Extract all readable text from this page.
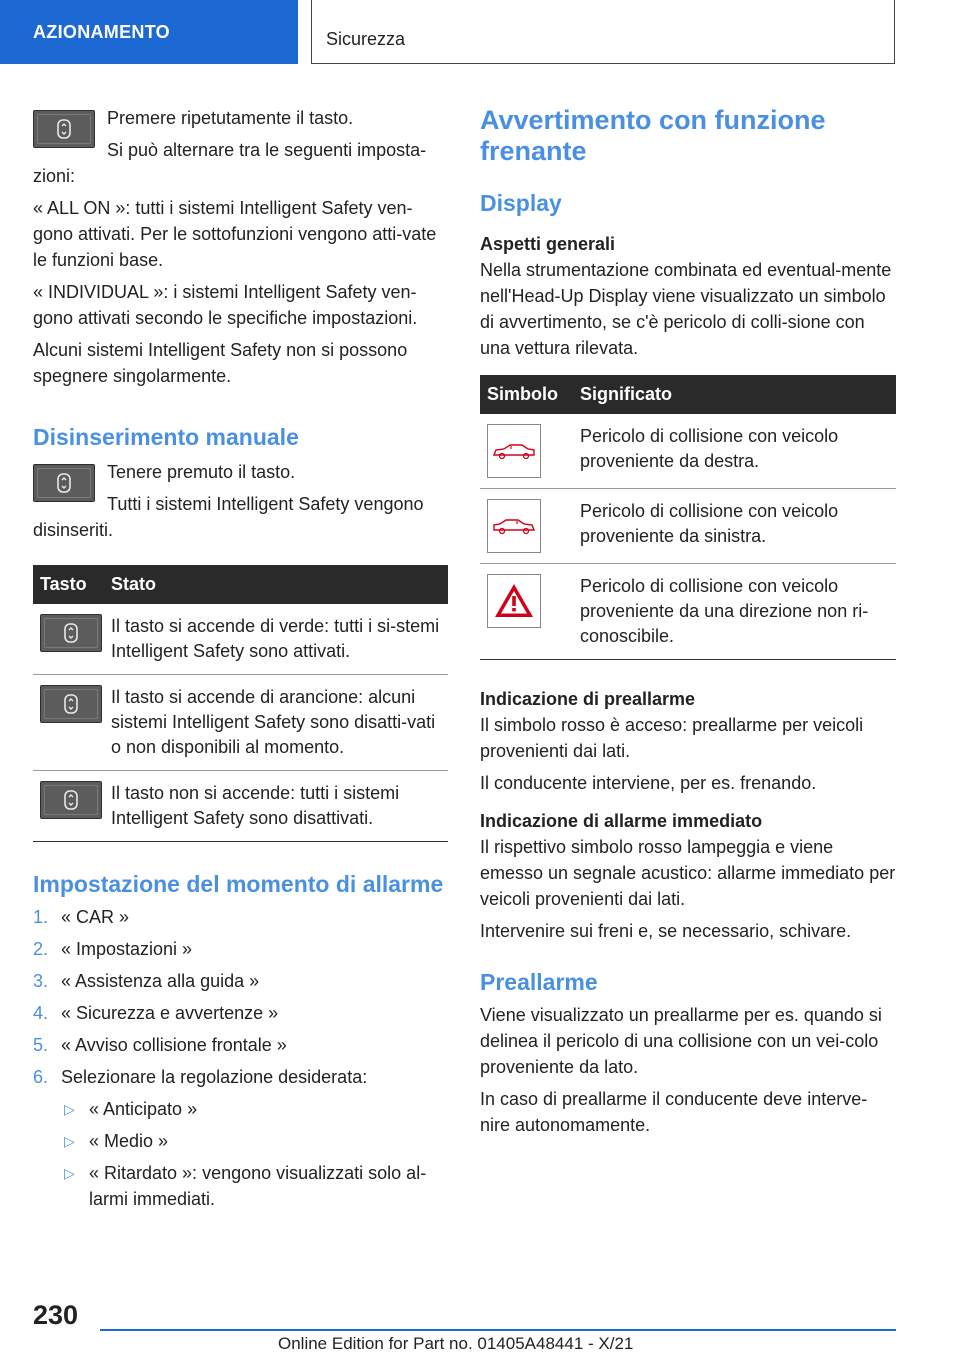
AZIONAMENTO	Sicurezza

Premere ripetutamente il tasto.

Si può alternare tra le seguenti imposta-zioni:

« ALL ON »: tutti i sistemi Intelligent Safety ven-gono attivati. Per le sottofunzioni vengono atti-vate le funzioni base.

« INDIVIDUAL »: i sistemi Intelligent Safety ven-gono attivati secondo le specifiche impostazioni.

Alcuni sistemi Intelligent Safety non si possono spegnere singolarmente.

Disinserimento manuale

Tenere premuto il tasto.

Tutti i sistemi Intelligent Safety vengono disinseriti.

Tasto	Stato

	Il tasto si accende di verde: tutti i si-stemi Intelligent Safety sono attivati.

	Il tasto si accende di arancione: alcuni sistemi Intelligent Safety sono disatti-vati o non disponibili al momento.

	Il tasto non si accende: tutti i sistemi Intelligent Safety sono disattivati.
Impostazione del momento di allarme
1. « CAR »
2. « Impostazioni »
3. « Assistenza alla guida »
4. « Sicurezza e avvertenze »
5. « Avviso collisione frontale »
6. Selezionare la regolazione desiderata:
▷ « Anticipato »
▷ « Medio »
▷ « Ritardato »: vengono visualizzati solo al-larmi immediati.
Avvertimento con funzione frenante
Display
Aspetti generali

Nella strumentazione combinata ed eventual-mente nell'Head-Up Display viene visualizzato un simbolo di avvertimento, se c'è pericolo di colli-sione con una vettura rilevata.

Simbolo	Significato

	Pericolo di collisione con veicolo proveniente da destra.

	Pericolo di collisione con veicolo proveniente da sinistra.

	Pericolo di collisione con veicolo proveniente da una direzione non ri-conoscibile.
Indicazione di preallarme

Il simbolo rosso è acceso: preallarme per veicoli provenienti dai lati.

Il conducente interviene, per es. frenando.

Indicazione di allarme immediato

Il rispettivo simbolo rosso lampeggia e viene emesso un segnale acustico: allarme immediato per veicoli provenienti dai lati.

Intervenire sui freni e, se necessario, schivare.

Preallarme

Viene visualizzato un preallarme per es. quando si delinea il pericolo di una collisione con un vei-colo proveniente da lato.

In caso di preallarme il conducente deve interve-nire autonomamente.

230
Online Edition for Part no. 01405A48441 - X/21
